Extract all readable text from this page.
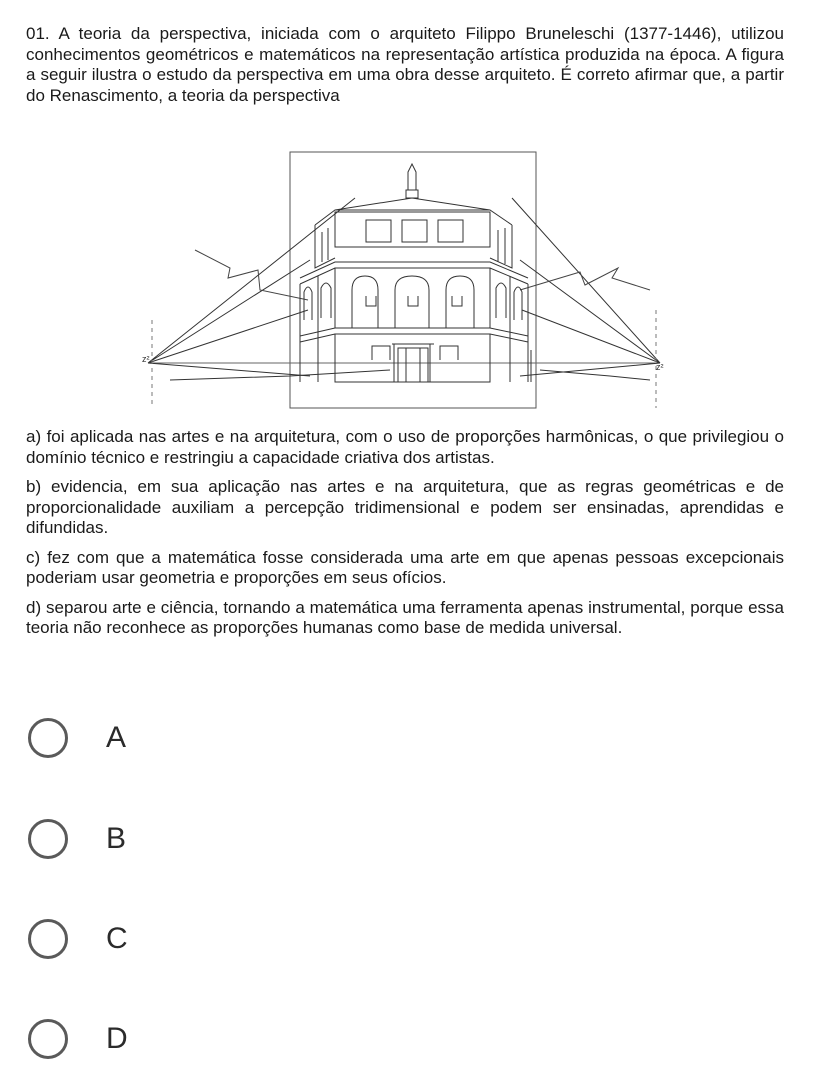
01. A teoria da perspectiva, iniciada com o arquiteto Filippo Bruneleschi (1377-1446), utilizou conhecimentos geométricos e matemáticos na representação artística produzida na época. A figura a seguir ilustra o estudo da perspectiva em uma obra desse arquiteto. É correto afirmar que, a partir do Renascimento, a teoria da perspectiva

z²
z²

a) foi aplicada nas artes e na arquitetura, com o uso de proporções harmônicas, o que privilegiou o domínio técnico e restringiu a capacidade criativa dos artistas.

b) evidencia, em sua aplicação nas artes e na arquitetura, que as regras geométricas e de proporcionalidade auxiliam a percepção tridimensional e podem ser ensinadas, aprendidas e difundidas.

c) fez com que a matemática fosse considerada uma arte em que apenas pessoas excepcionais poderiam usar geometria e proporções em seus ofícios.

d) separou arte e ciência, tornando a matemática uma ferramenta apenas instrumental, porque essa teoria não reconhece as proporções humanas como base de medida universal.

A
B
C
D
